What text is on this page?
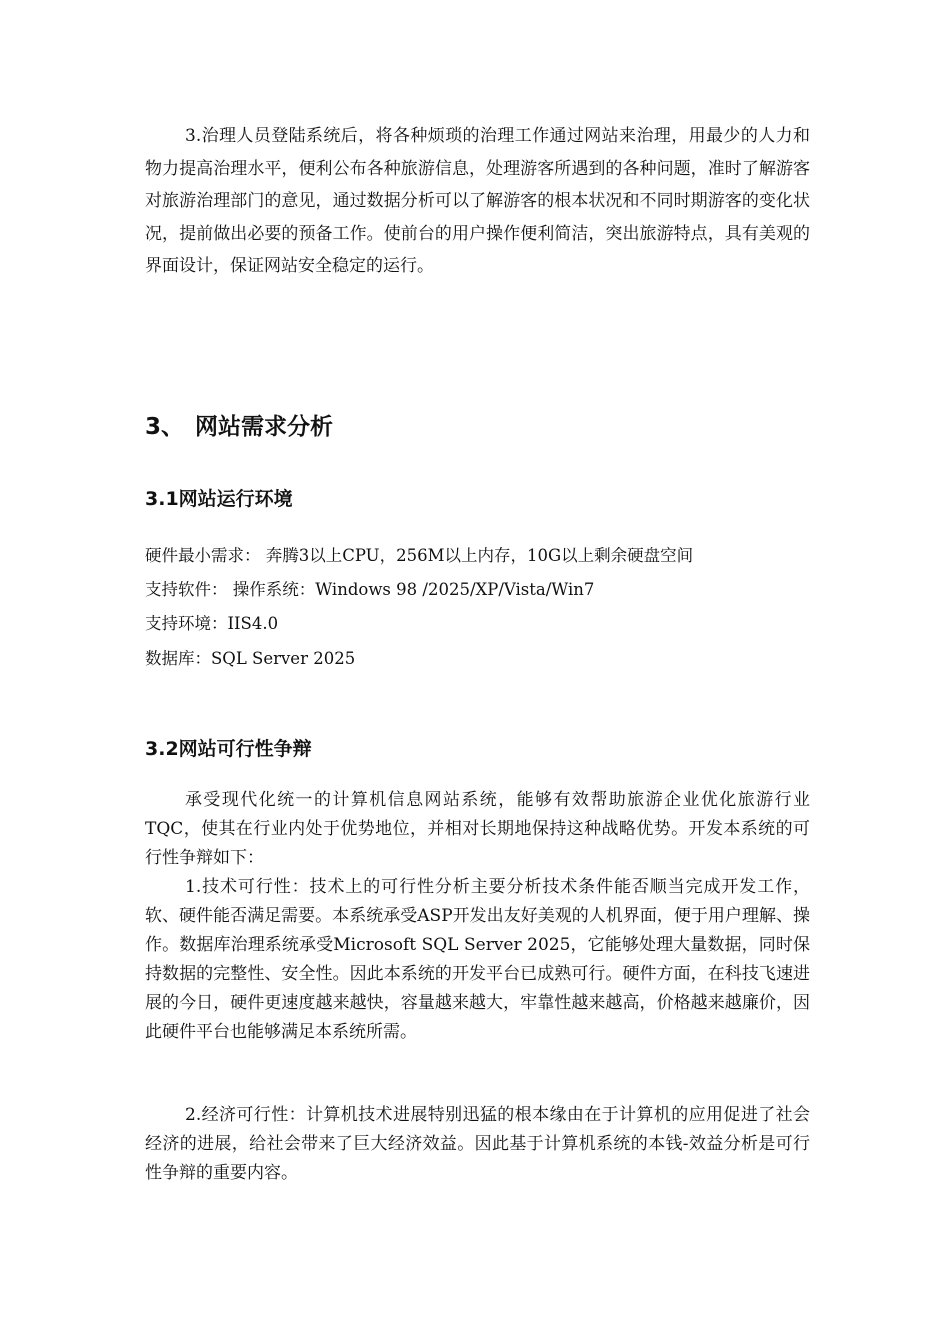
3.治理人员登陆系统后，将各种烦琐的治理工作通过网站来治理，用最少的人力和物力提高治理水平，便利公布各种旅游信息，处理游客所遇到的各种问题，准时了解游客对旅游治理部门的意见，通过数据分析可以了解游客的根本状况和不同时期游客的变化状况，提前做出必要的预备工作。使前台的用户操作便利简洁，突出旅游特点，具有美观的界面设计，保证网站安全稳定的运行。

3、 网站需求分析
3.1网站运行环境
硬件最小需求： 奔腾3以上CPU，256M以上内存，10G以上剩余硬盘空间
支持软件： 操作系统：Windows 98 /2025/XP/Vista/Win7
支持环境：IIS4.0
数据库：SQL Server 2025
3.2网站可行性争辩

承受现代化统一的计算机信息网站系统，能够有效帮助旅游企业优化旅游行业TQC，使其在行业内处于优势地位，并相对长期地保持这种战略优势。开发本系统的可行性争辩如下：

1.技术可行性：技术上的可行性分析主要分析技术条件能否顺当完成开发工作，软、硬件能否满足需要。本系统承受ASP开发出友好美观的人机界面，便于用户理解、操作。数据库治理系统承受Microsoft SQL Server 2025，它能够处理大量数据，同时保持数据的完整性、安全性。因此本系统的开发平台已成熟可行。硬件方面，在科技飞速进展的今日，硬件更速度越来越快，容量越来越大，牢靠性越来越高，价格越来越廉价，因此硬件平台也能够满足本系统所需。

2.经济可行性：计算机技术进展特别迅猛的根本缘由在于计算机的应用促进了社会经济的进展，给社会带来了巨大经济效益。因此基于计算机系统的本钱-效益分析是可行性争辩的重要内容。
